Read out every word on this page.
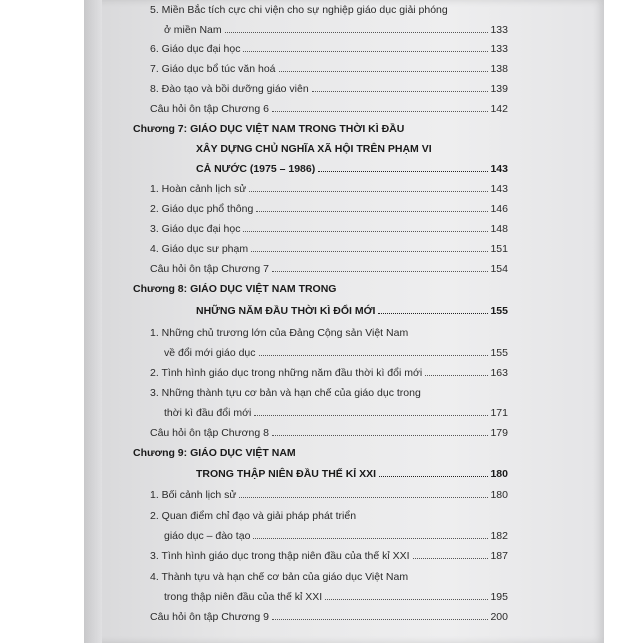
5. Miền Bắc tích cực chi viện cho sự nghiệp giáo dục giải phóng
ở miền Nam	133
6. Giáo dục đại học	133
7. Giáo dục bổ túc văn hoá	138
8. Đào tạo và bồi dưỡng giáo viên	139
Câu hỏi ôn tập Chương 6	142
Chương 7: GIÁO DỤC VIỆT NAM TRONG THỜI KÌ ĐẦU
XÂY DỰNG CHỦ NGHĨA XÃ HỘI TRÊN PHẠM VI
CẢ NƯỚC (1975 – 1986)	143
1. Hoàn cảnh lịch sử	143
2. Giáo dục phổ thông	146
3. Giáo dục đại học	148
4. Giáo dục sư phạm	151
Câu hỏi ôn tập Chương 7	154
Chương 8: GIÁO DỤC VIỆT NAM TRONG
NHỮNG NĂM ĐẦU THỜI KÌ ĐỔI MỚI	155
1. Những chủ trương lớn của Đảng Cộng sản Việt Nam
về đổi mới giáo dục	155
2. Tình hình giáo dục trong những năm đầu thời kì đổi mới	163
3. Những thành tựu cơ bản và hạn chế của giáo dục trong
thời kì đầu đổi mới	171
Câu hỏi ôn tập Chương 8	179
Chương 9: GIÁO DỤC VIỆT NAM
TRONG THẬP NIÊN ĐẦU THẾ KỈ XXI	180
1. Bối cảnh lịch sử	180
2. Quan điểm chỉ đạo và giải pháp phát triển
giáo dục – đào tạo	182
3. Tình hình giáo dục trong thập niên đầu của thế kỉ XXI	187
4. Thành tựu và hạn chế cơ bản của giáo dục Việt Nam
trong thập niên đầu của thế kỉ XXI	195
Câu hỏi ôn tập Chương 9	200
